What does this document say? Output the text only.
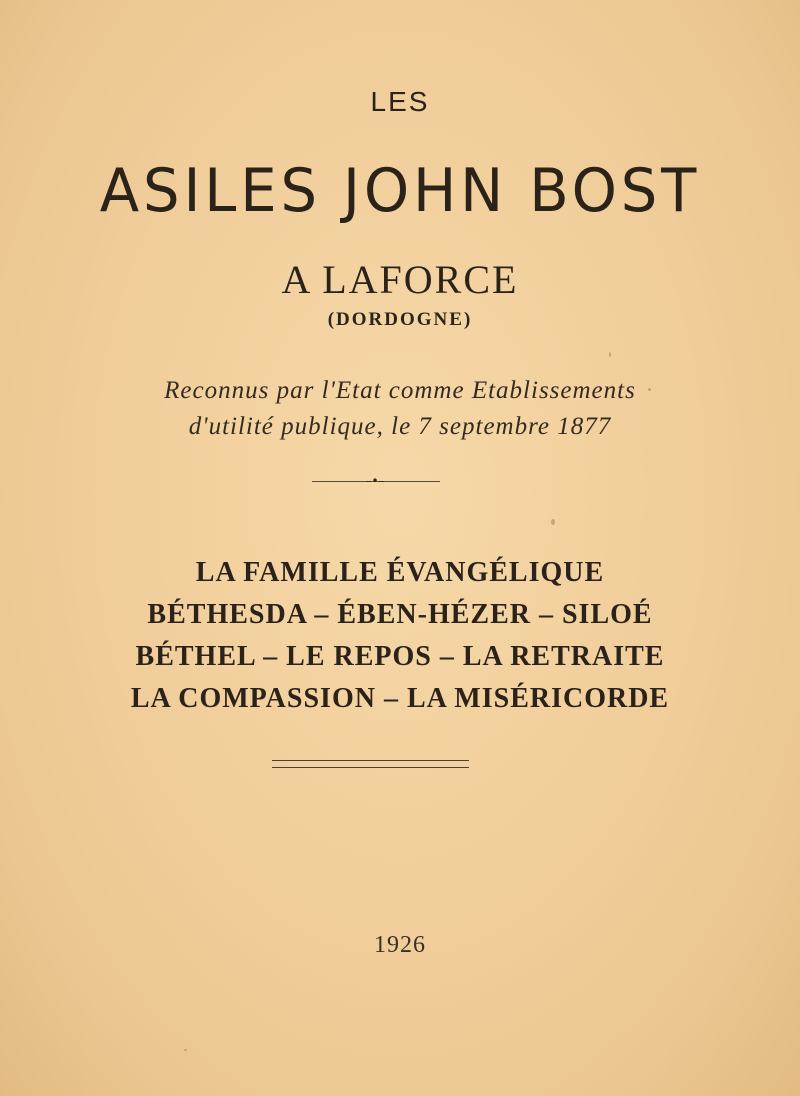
LES
ASILES JOHN BOST
A LAFORCE
(DORDOGNE)
Reconnus par l'Etat comme Etablissements
d'utilité publique, le 7 septembre 1877
–•–
LA FAMILLE ÉVANGÉLIQUE
BÉTHESDA – ÉBEN-HÉZER – SILOÉ
BÉTHEL – LE REPOS – LA RETRAITE
LA COMPASSION – LA MISÉRICORDE
1926
